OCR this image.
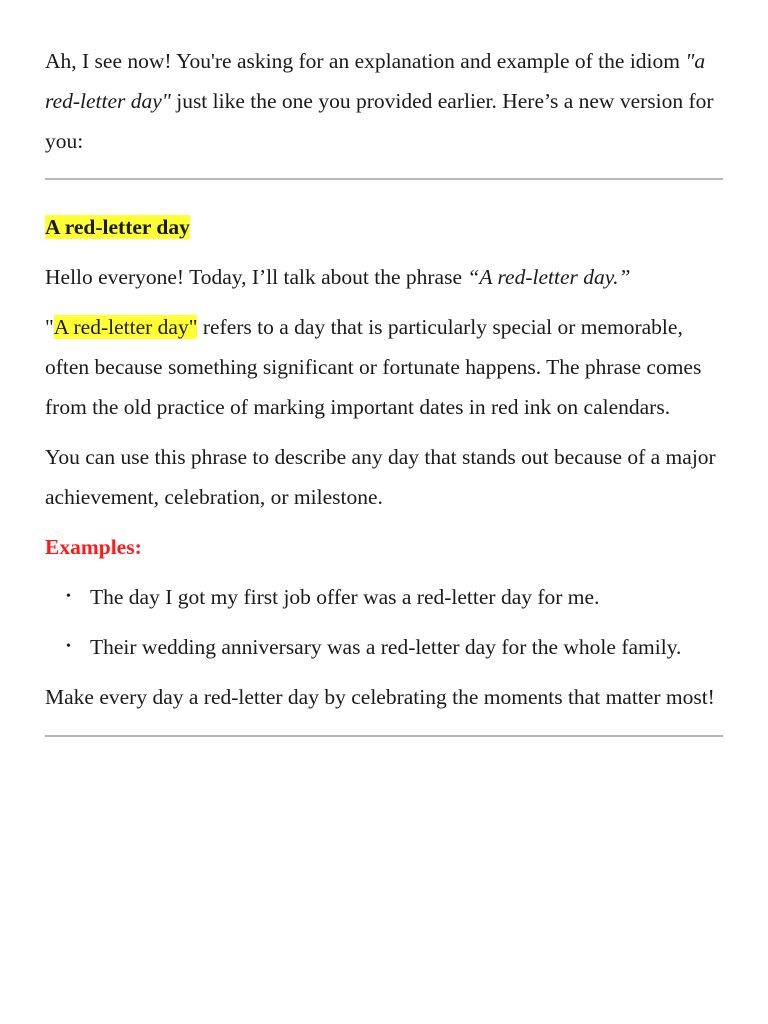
Ah, I see now! You're asking for an explanation and example of the idiom "a red-letter day" just like the one you provided earlier. Here’s a new version for you:

A red-letter day

Hello everyone! Today, I’ll talk about the phrase “A red-letter day.”

"A red-letter day" refers to a day that is particularly special or memorable, often because something significant or fortunate happens. The phrase comes from the old practice of marking important dates in red ink on calendars.

You can use this phrase to describe any day that stands out because of a major achievement, celebration, or milestone.

Examples:

• The day I got my first job offer was a red-letter day for me.
• Their wedding anniversary was a red-letter day for the whole family.

Make every day a red-letter day by celebrating the moments that matter most!
